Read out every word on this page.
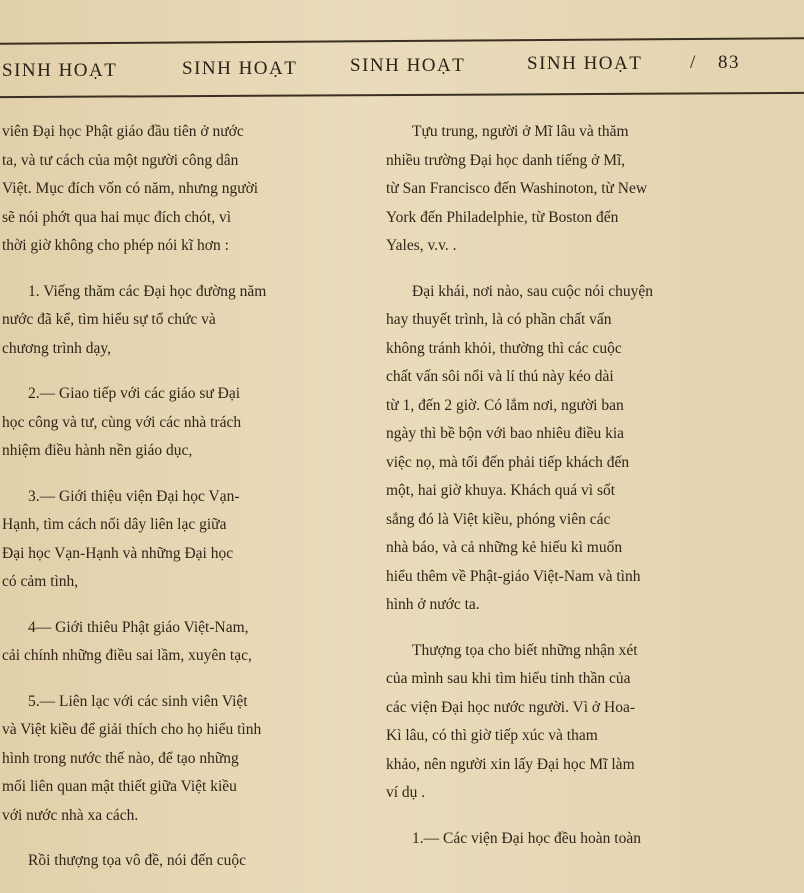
SINH HOẠT	SINH HOẠT	SINH HOẠT	SINH HOẠT	/ 83

viên Đại học Phật giáo đầu tiên ở nước
ta, và tư cách của một người công dân
Việt. Mục đích vốn có năm, nhưng người
sẽ nói phớt qua hai mục đích chót, vì
thời giờ không cho phép nói kĩ hơn :

1. Viếng thăm các Đại học đường năm
nước đã kể, tìm hiểu sự tổ chức và
chương trình dạy,

2.— Giao tiếp với các giáo sư Đại
học công và tư, cùng với các nhà trách
nhiệm điều hành nền giáo dục,

3.— Giới thiệu viện Đại học Vạn-
Hạnh, tìm cách nối dây liên lạc giữa
Đại học Vạn-Hạnh và những Đại học
có cảm tình,

4— Giới thiêu Phật giáo Việt-Nam,
cải chính những điều sai lầm, xuyên tạc,

5.— Liên lạc với các sinh viên Việt
và Việt kiều để giải thích cho họ hiểu tình
hình trong nước thế nào, để tạo những
mối liên quan mật thiết giữa Việt kiều
với nước nhà xa cách.

Rồi thượng tọa vô đề, nói đến cuộc

Tựu trung, người ở Mĩ lâu và thăm
nhiều trường Đại học danh tiếng ở Mĩ,
từ San Francisco đến Washinoton, từ New
York đến Philadelphie, từ Boston đến
Yales, v.v. .

Đại khái, nơi nào, sau cuộc nói chuyện
hay thuyết trình, là có phần chất vấn
không tránh khỏi, thường thì các cuộc
chất vấn sôi nổi và lí thú này kéo dài
từ 1, đến 2 giờ. Có lắm nơi, người ban
ngày thì bề bộn với bao nhiêu điều kia
việc nọ, mà tối đến phải tiếp khách đến
một, hai giờ khuya. Khách quá vì sốt
sắng đó là Việt kiều, phóng viên các
nhà báo, và cả những kẻ hiếu kì muốn
hiểu thêm về Phật-giáo Việt-Nam và tình
hình ở nước ta.

Thượng tọa cho biết những nhận xét
của mình sau khi tìm hiểu tinh thần của
các viện Đại học nước người. Vì ở Hoa-
Kì lâu, có thì giờ tiếp xúc và tham
khảo, nên người xin lấy Đại học Mĩ làm
ví dụ .

1.— Các viện Đại học đều hoàn toàn
